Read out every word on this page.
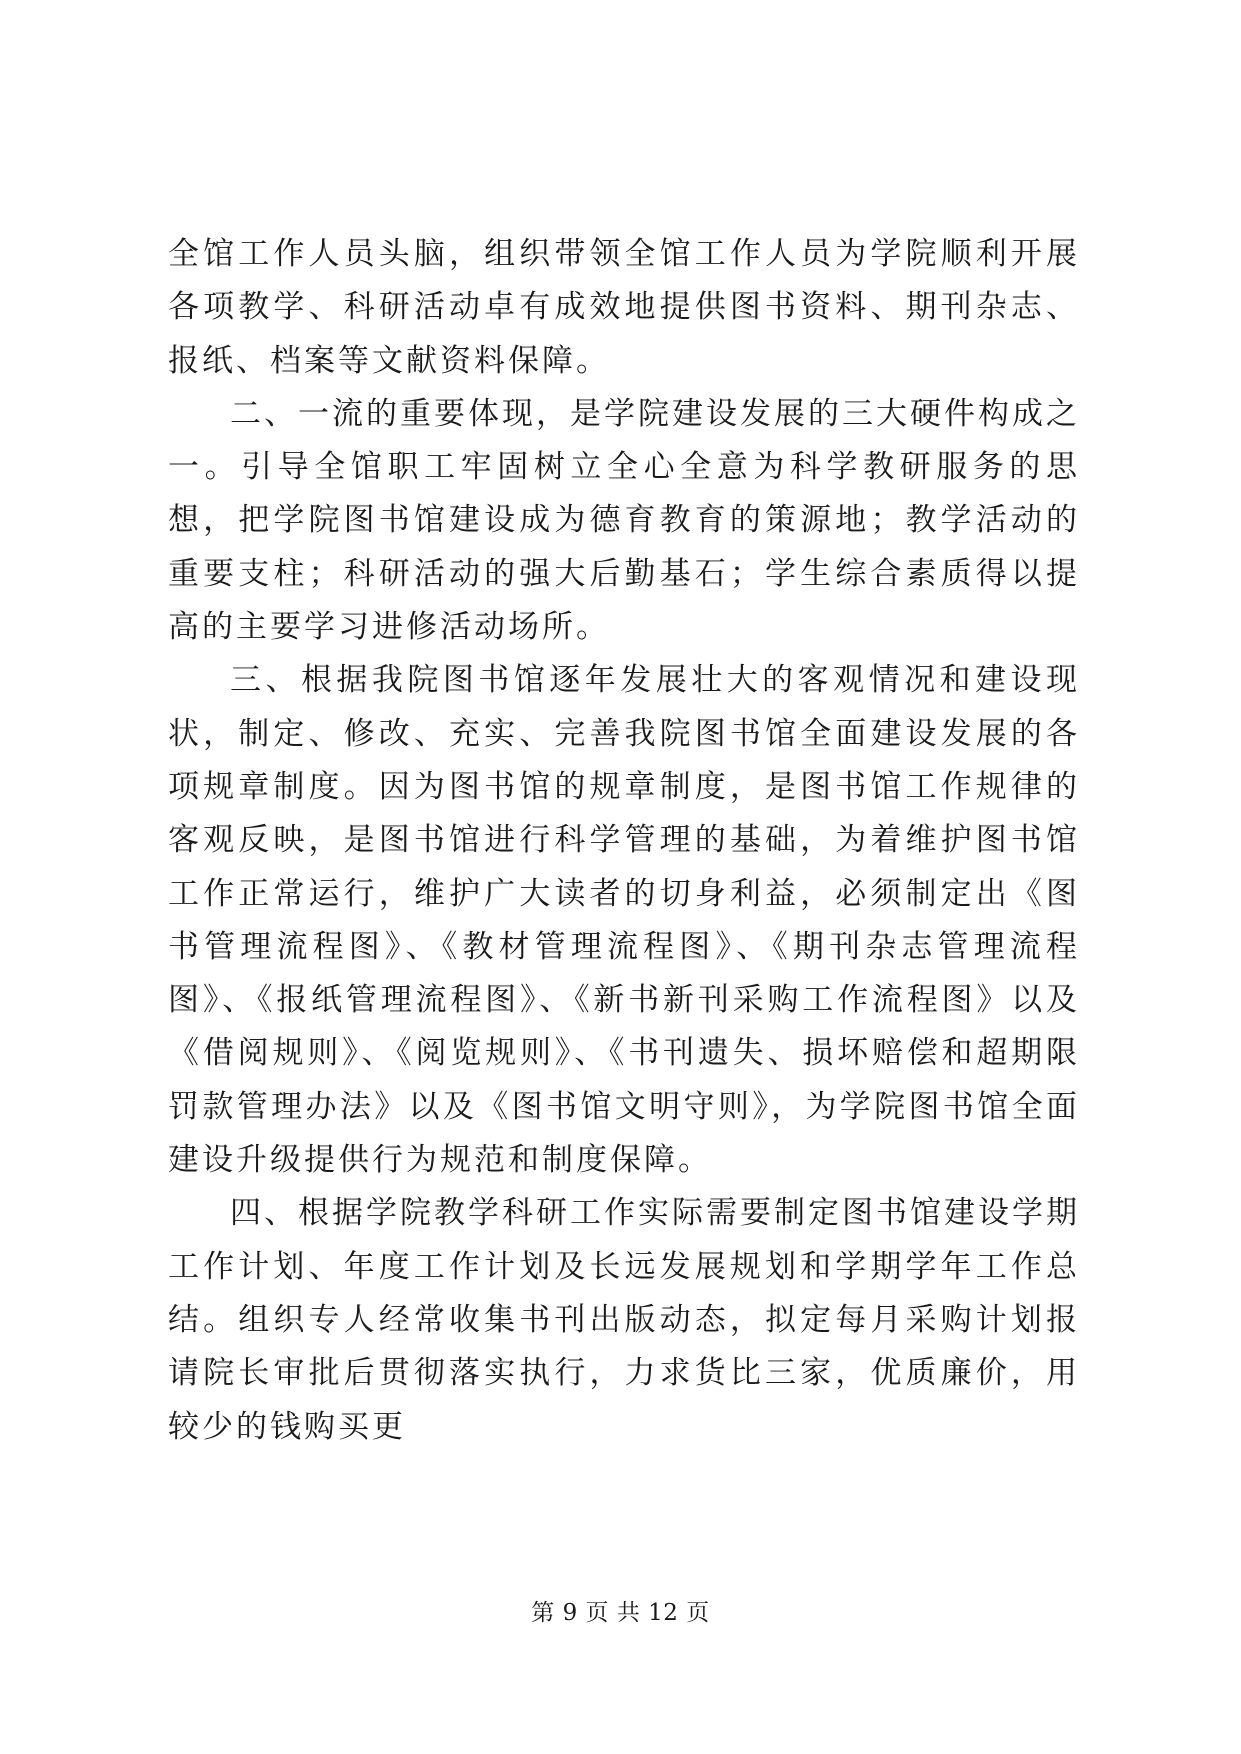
全馆工作人员头脑，组织带领全馆工作人员为学院顺利开展各项教学、科研活动卓有成效地提供图书资料、期刊杂志、报纸、档案等文献资料保障。

二、一流的重要体现，是学院建设发展的三大硬件构成之一。引导全馆职工牢固树立全心全意为科学教研服务的思想，把学院图书馆建设成为德育教育的策源地；教学活动的重要支柱；科研活动的强大后勤基石；学生综合素质得以提高的主要学习进修活动场所。

三、根据我院图书馆逐年发展壮大的客观情况和建设现状，制定、修改、充实、完善我院图书馆全面建设发展的各项规章制度。因为图书馆的规章制度，是图书馆工作规律的客观反映，是图书馆进行科学管理的基础，为着维护图书馆工作正常运行，维护广大读者的切身利益，必须制定出《图书管理流程图》、《教材管理流程图》、《期刊杂志管理流程图》、《报纸管理流程图》、《新书新刊采购工作流程图》以及《借阅规则》、《阅览规则》、《书刊遗失、损坏赔偿和超期限罚款管理办法》以及《图书馆文明守则》，为学院图书馆全面建设升级提供行为规范和制度保障。

四、根据学院教学科研工作实际需要制定图书馆建设学期工作计划、年度工作计划及长远发展规划和学期学年工作总结。组织专人经常收集书刊出版动态，拟定每月采购计划报请院长审批后贯彻落实执行，力求货比三家，优质廉价，用较少的钱购买更

第 9 页 共 12 页
